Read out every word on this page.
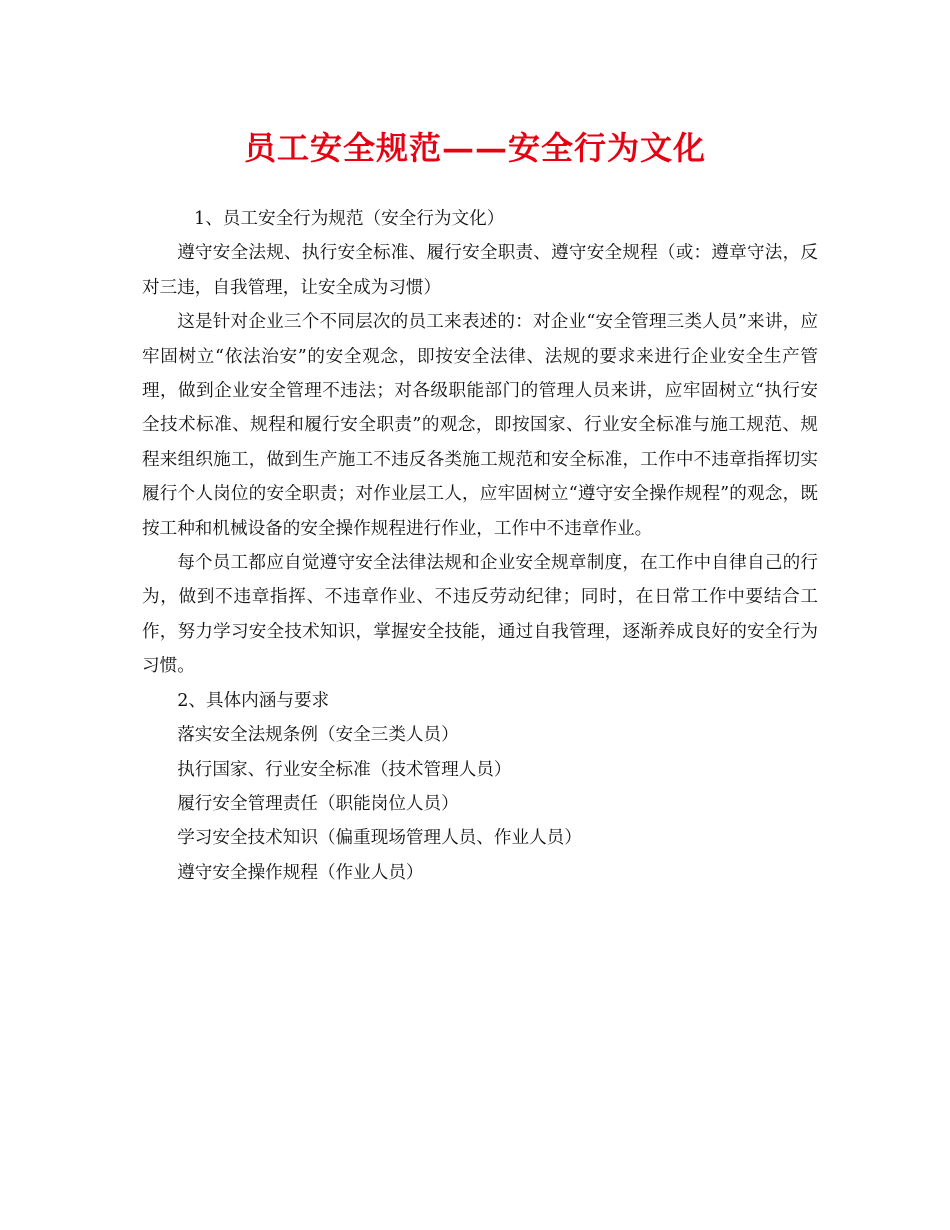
员工安全规范——安全行为文化

1、员工安全行为规范（安全行为文化）

遵守安全法规、执行安全标准、履行安全职责、遵守安全规程（或：遵章守法，反对三违，自我管理，让安全成为习惯）

这是针对企业三个不同层次的员工来表述的：对企业“安全管理三类人员”来讲，应牢固树立“依法治安”的安全观念，即按安全法律、法规的要求来进行企业安全生产管理，做到企业安全管理不违法；对各级职能部门的管理人员来讲，应牢固树立“执行安全技术标准、规程和履行安全职责”的观念，即按国家、行业安全标准与施工规范、规程来组织施工，做到生产施工不违反各类施工规范和安全标准，工作中不违章指挥切实履行个人岗位的安全职责；对作业层工人，应牢固树立“遵守安全操作规程”的观念，既按工种和机械设备的安全操作规程进行作业，工作中不违章作业。

每个员工都应自觉遵守安全法律法规和企业安全规章制度，在工作中自律自己的行为，做到不违章指挥、不违章作业、不违反劳动纪律；同时，在日常工作中要结合工作，努力学习安全技术知识，掌握安全技能，通过自我管理，逐渐养成良好的安全行为习惯。

2、具体内涵与要求

落实安全法规条例（安全三类人员）

执行国家、行业安全标准（技术管理人员）

履行安全管理责任（职能岗位人员）

学习安全技术知识（偏重现场管理人员、作业人员）

遵守安全操作规程（作业人员）
